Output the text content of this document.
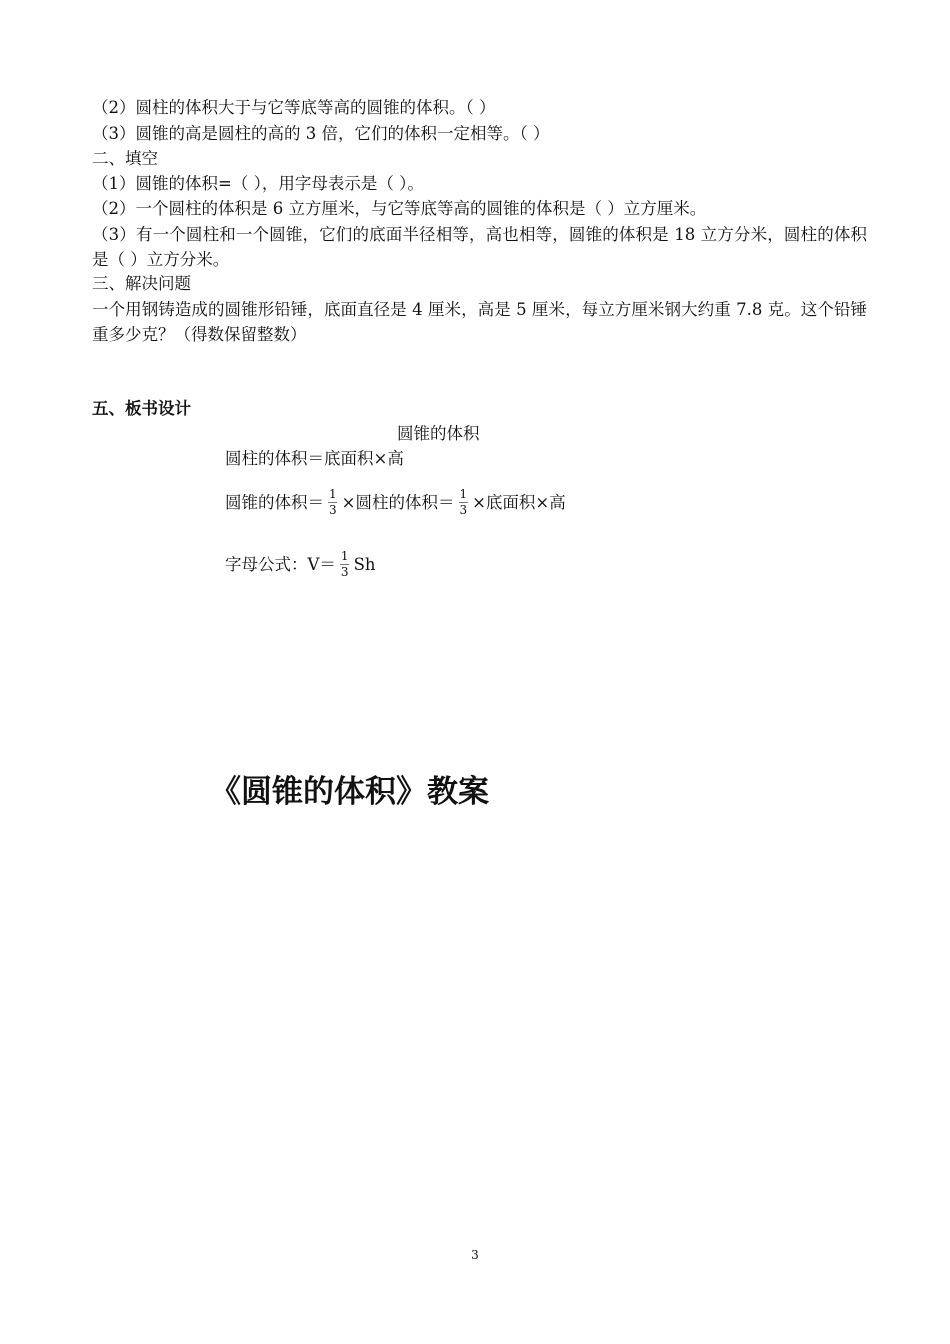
（2）圆柱的体积大于与它等底等高的圆锥的体积。（ ）
（3）圆锥的高是圆柱的高的 3 倍，它们的体积一定相等。（ ）
二、填空
（1）圆锥的体积=（ ），用字母表示是（ ）。
（2）一个圆柱的体积是 6 立方厘米，与它等底等高的圆锥的体积是（ ）立方厘米。
（3）有一个圆柱和一个圆锥，它们的底面半径相等，高也相等，圆锥的体积是 18 立方分米，圆柱的体积是（ ）立方分米。
三、解决问题
一个用钢铸造成的圆锥形铅锤，底面直径是 4 厘米，高是 5 厘米，每立方厘米钢大约重 7.8 克。这个铅锤重多少克？（得数保留整数）
五、板书设计
圆锥的体积
圆柱的体积＝底面积×高
圆锥的体积＝ $\frac{1}{3}$ ×圆柱的体积＝ $\frac{1}{3}$ ×底面积×高
字母公式：$V= \frac{1}{3}$ Sh
《圆锥的体积》教案
3
